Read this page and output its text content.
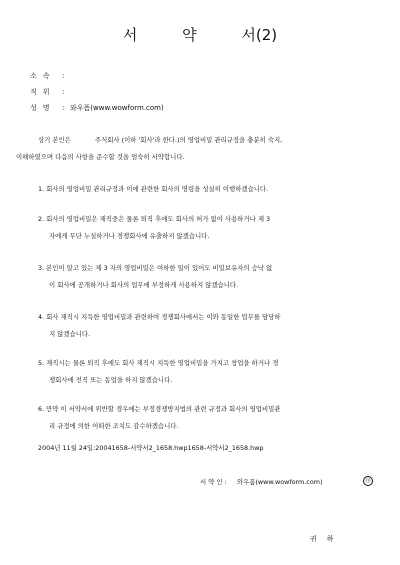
서	약	서(2)
소속 :
직위 :
성명 : 와우폼(www.wowform.com)
상기 본인은	주식회사 (이하 '회사'라 한다.)의 영업비밀 관리규정을 충분히 숙지,
이해하였으며 다음의 사항을 준수할 것을 엄숙히 서약합니다.
1. 회사의 영업비밀 관리규정과 이에 관련한 회사의 명령을 성실히 이행하겠습니다.
2. 회사의 영업비밀은 재직중은 물론 퇴직 후에도 회사의 허가 없이 사용하거나 제 3
자에게 무단 누설하거나 경쟁회사에 유출하지 않겠습니다.
3. 본인이 알고 있는 제 3 자의 영업비밀은 여하한 일이 있어도 비밀보유자의 승낙 없
이 회사에 공개하거나 회사의 업무에 부정하게 사용하지 않겠습니다.
4. 회사 재직시 지득한 영업비밀과 관련하여 경쟁회사에서는 이와 동일한 업무를 담당하
지 않겠습니다.
5. 재직시는 물론 퇴직 후에도 회사 재직시 지득한 영업비밀을 가지고 창업을 하거나 경
쟁회사에 전직 또는 동업을 하지 않겠습니다.
6. 만약 이 서약서에 위반할 경우에는 부정경쟁방지법의 관련 규정과 회사의 영업비밀관
리 규정에 의한 어떠한 조치도 감수하겠습니다.
2004년 11월 24일:20041658-서약서2_1658.hwp1658-서약서2_1658.hwp
서 약 인 : 와우폼(www.wowform.com)	㊞
귀하
